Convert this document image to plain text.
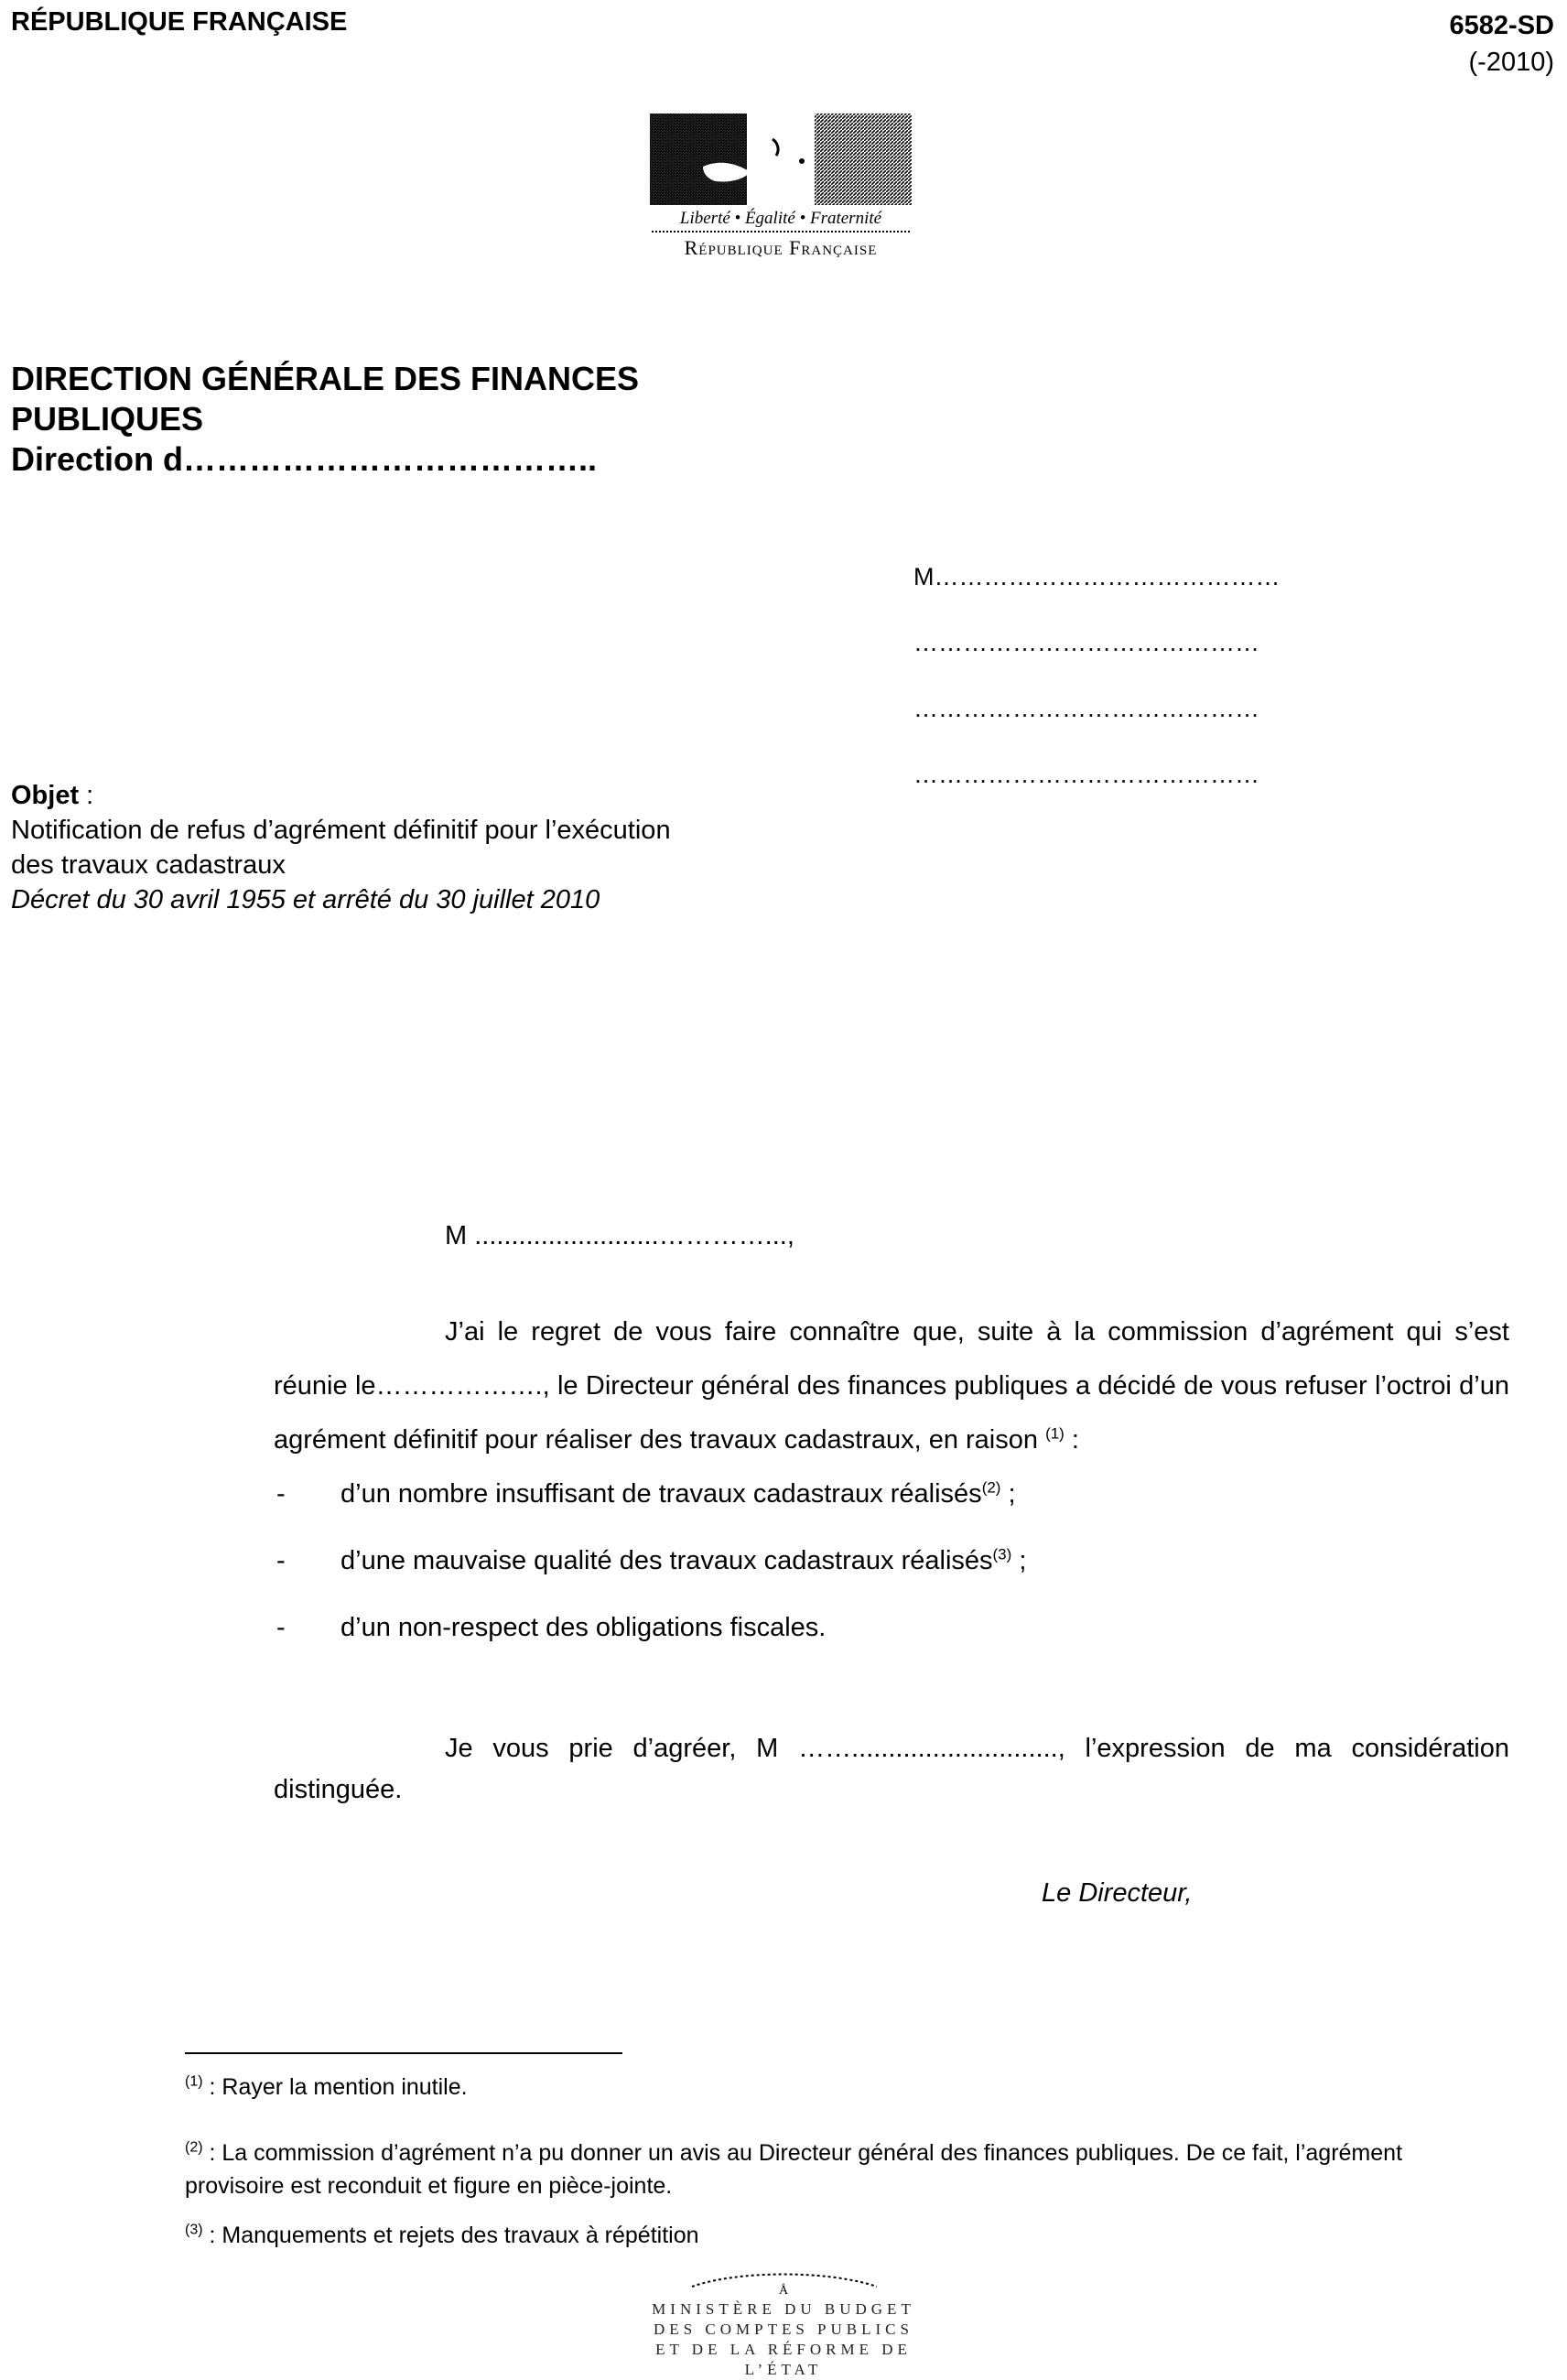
RÉPUBLIQUE FRANÇAISE	6582-SD
(-2010)
Liberté • Égalité • Fraternité
République Française
DIRECTION GÉNÉRALE DES FINANCES
PUBLIQUES
Direction d………………………………..
M……………………………………
……………………………………
……………………………………
……………………………………
Objet :
Notification de refus d’agrément définitif pour l’exécution
des travaux cadastraux
Décret du 30 avril 1955 et arrêté du 30 juillet 2010
M .........................…………...,

J’ai le regret de vous faire connaître que, suite à la commission d’agrément qui s’est réunie le………………., le Directeur général des finances publiques a décidé de vous refuser l’octroi d’un agrément définitif pour réaliser des travaux cadastraux, en raison $^{(1)}$ :

-	d’un nombre insuffisant de travaux cadastraux réalisés$^{(2)}$ ;
-	d’une mauvaise qualité des travaux cadastraux réalisés$^{(3)}$ ;
-	d’un non-respect des obligations fiscales.
Je vous prie d’agréer, M ……............................, l’expression de ma considération distinguée.
Le Directeur,
$^{(1)}$ : Rayer la mention inutile.
$^{(2)}$ : La commission d’agrément n’a pu donner un avis au Directeur général des finances publiques. De ce fait, l’agrément provisoire est reconduit et figure en pièce-jointe.
$^{(3)}$ : Manquements et rejets des travaux à répétition
Å
MINISTÈRE DU BUDGET
DES COMPTES PUBLICS
ET DE LA RÉFORME DE L’ÉTAT
